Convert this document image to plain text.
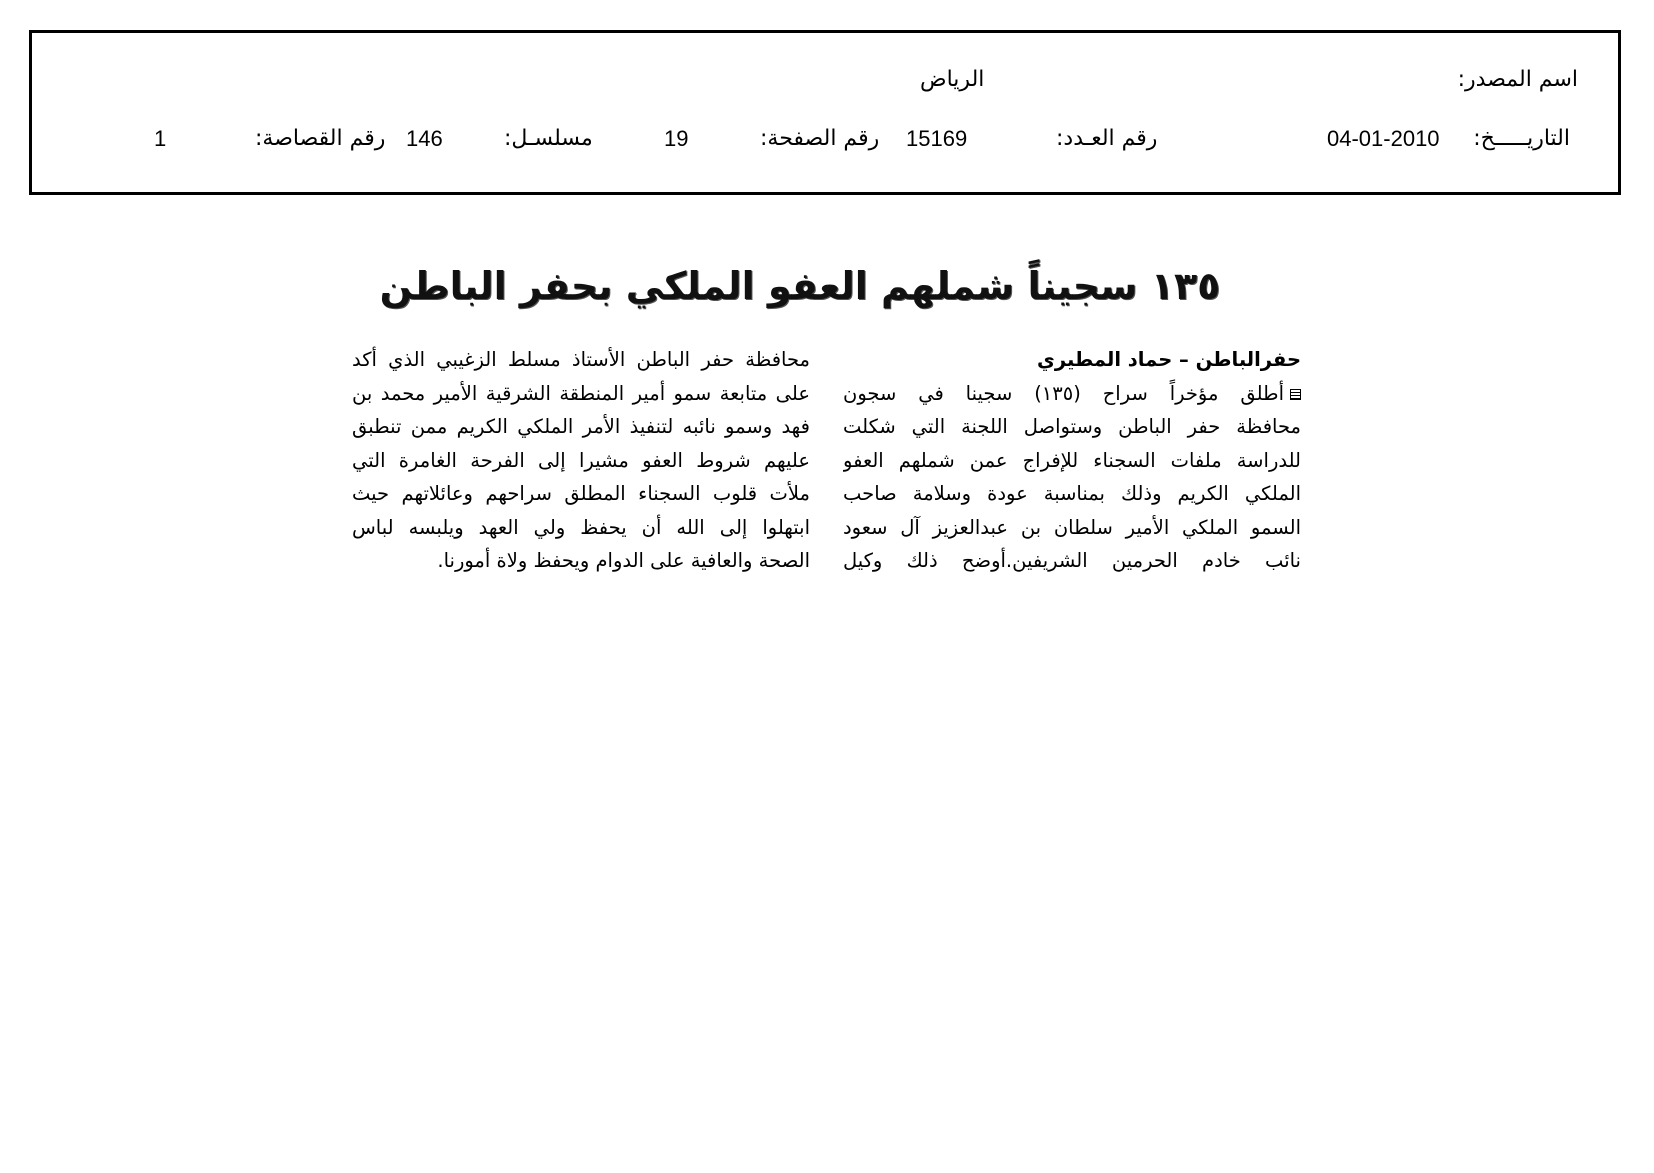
اسم المصدر:
الرياض
التاريـــــخ:
04-01-2010
رقم العـدد:
15169
رقم الصفحة:
19
مسلسـل:
146
رقم القصاصة:
1
١٣٥ سجيناً شملهم العفو الملكي بحفر الباطن
حفرالباطن – حماد المطيري
أطلق مؤخراً سراح (١٣٥) سجينا في سجون
محافظة حفر الباطن وستواصل اللجنة التي شكلت
للدراسة ملفات السجناء للإفراج عمن شملهم العفو
الملكي الكريم وذلك بمناسبة عودة وسلامة صاحب
السمو الملكي الأمير سلطان بن عبدالعزيز آل سعود
نائب خادم الحرمين الشريفين.أوضح ذلك وكيل
محافظة حفر الباطن الأستاذ مسلط الزغيبي الذي أكد
على متابعة سمو أمير المنطقة الشرقية الأمير محمد بن
فهد وسمو نائبه لتنفيذ الأمر الملكي الكريم ممن تنطبق
عليهم شروط العفو مشيرا إلى الفرحة الغامرة التي
ملأت قلوب السجناء المطلق سراحهم وعائلاتهم حيث
ابتهلوا إلى الله أن يحفظ ولي العهد ويلبسه لباس
الصحة والعافية على الدوام ويحفظ ولاة أمورنا.
